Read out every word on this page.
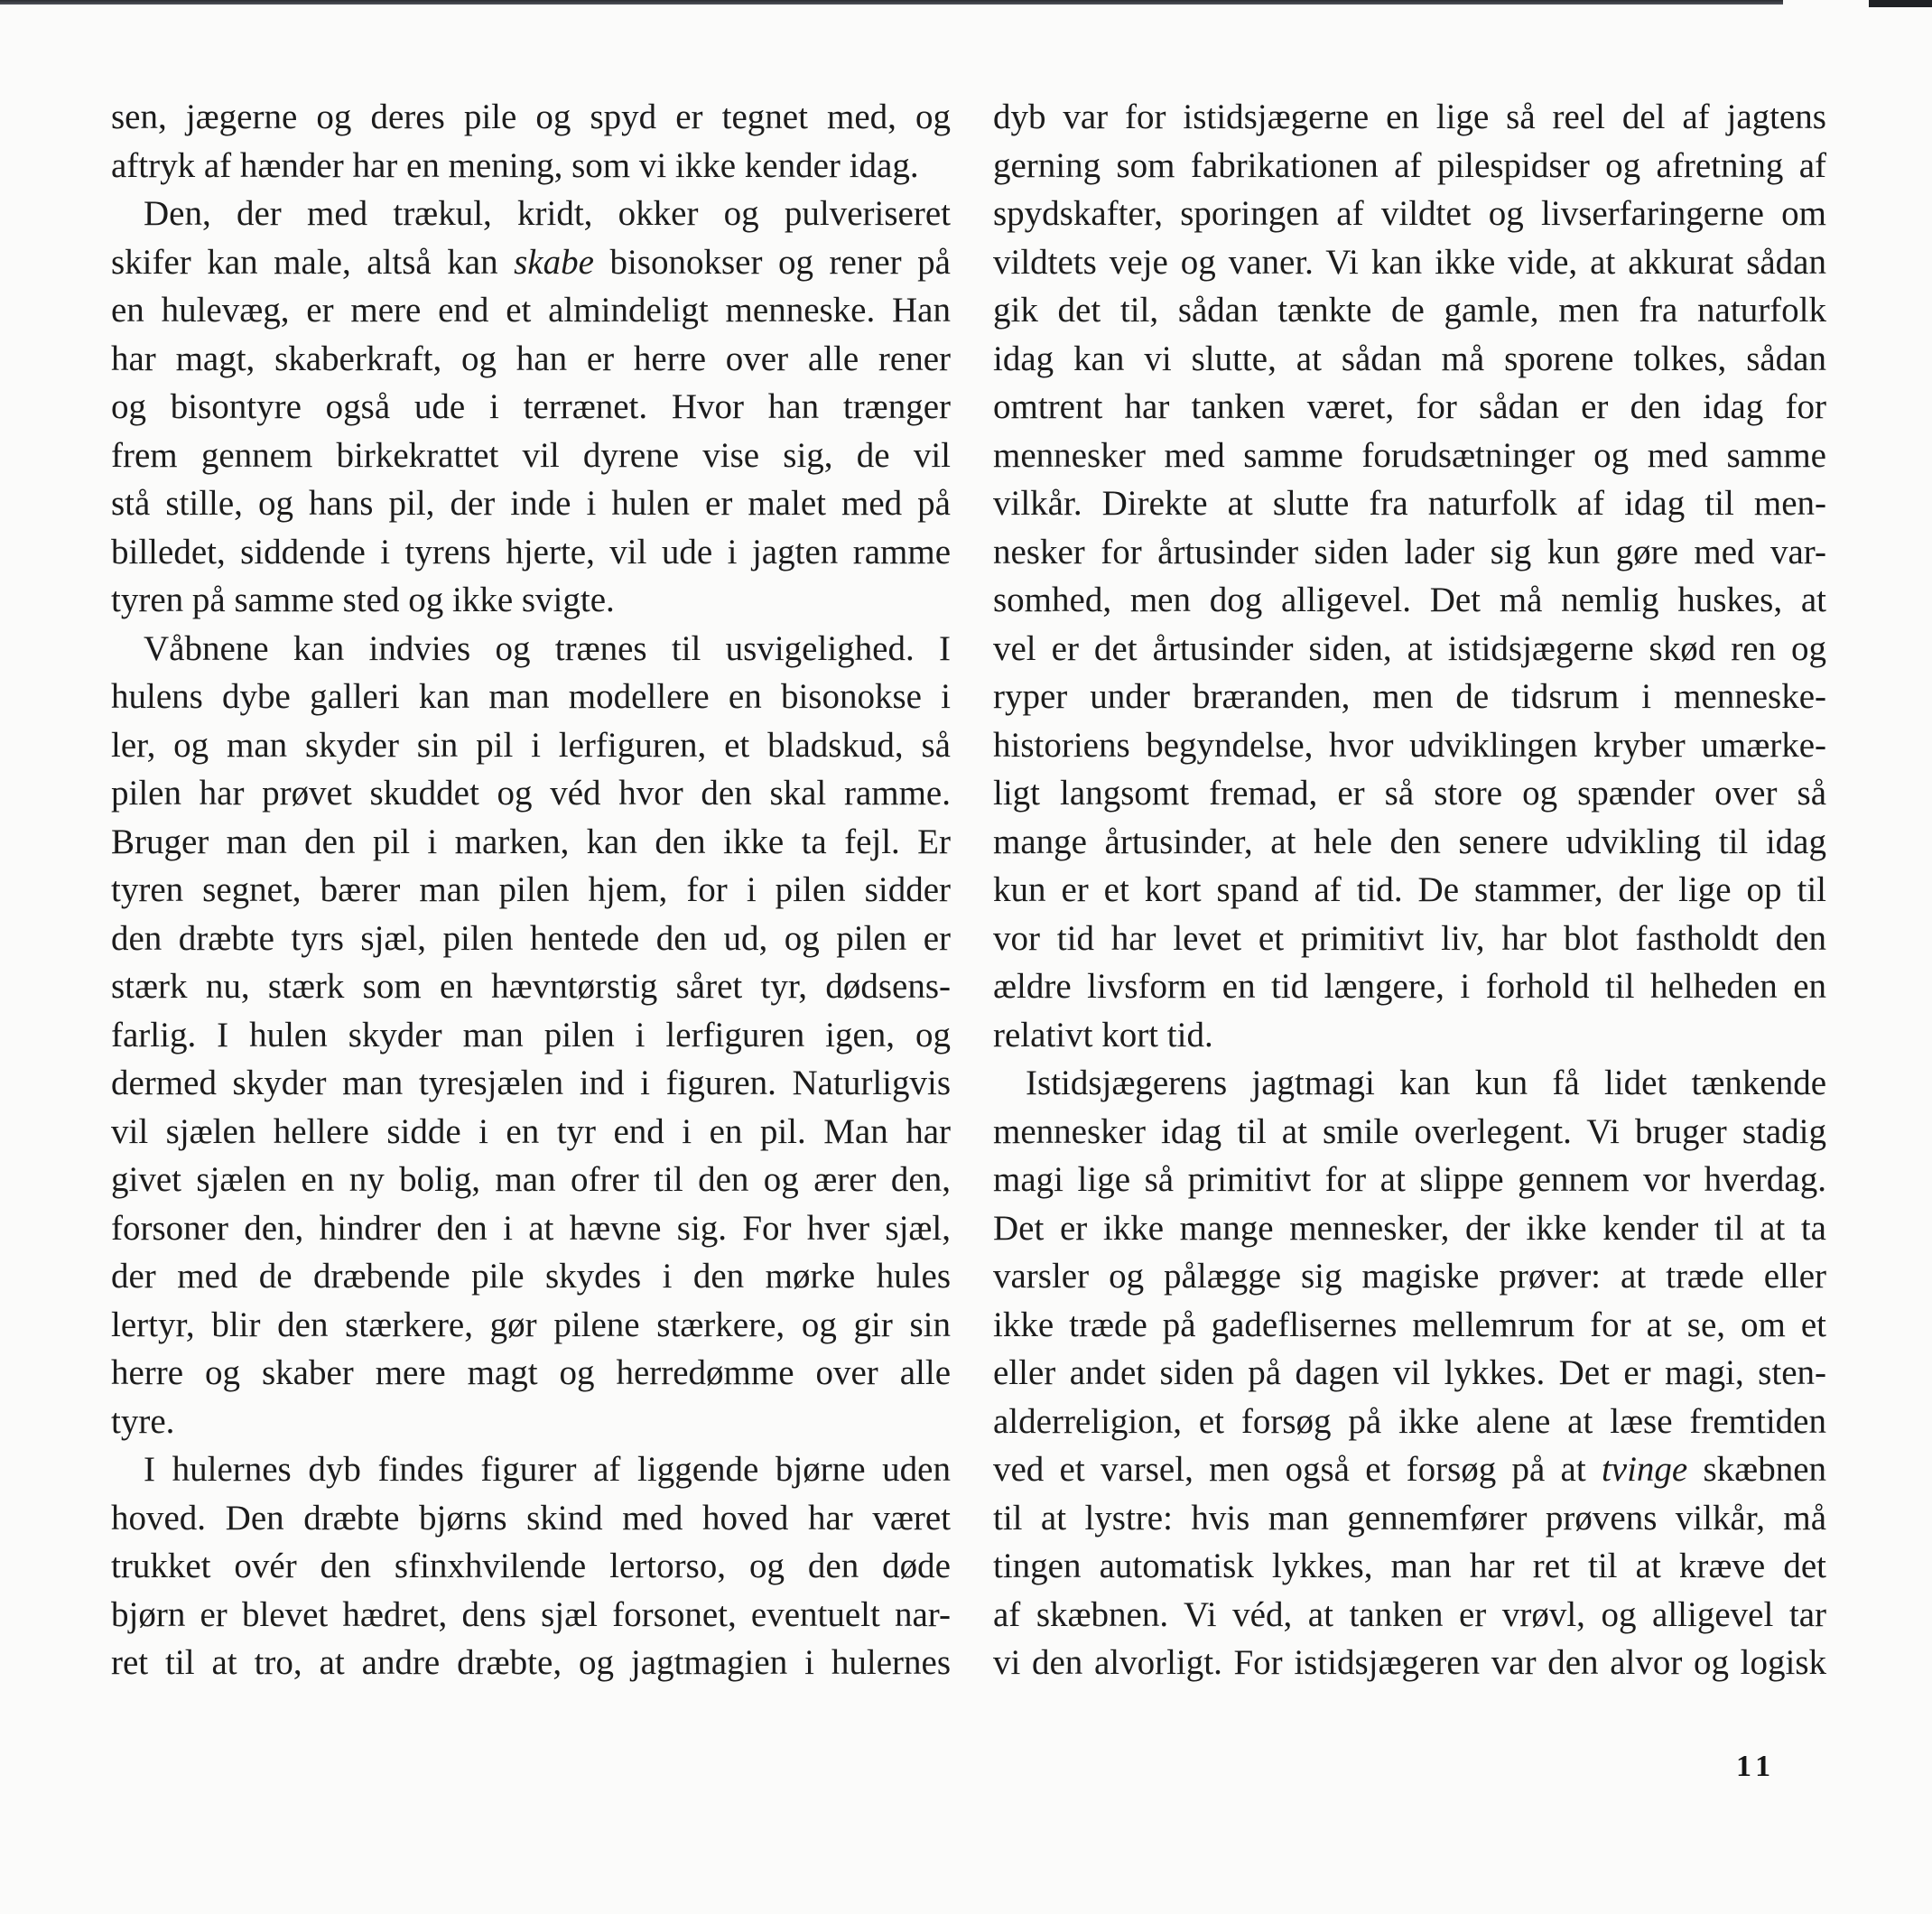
sen, jægerne og deres pile og spyd er tegnet med, og
aftryk af hænder har en mening, som vi ikke kender idag.
Den, der med trækul, kridt, okker og pulveriseret
skifer kan male, altså kan skabe bisonokser og rener på
en hulevæg, er mere end et almindeligt menneske. Han
har magt, skaberkraft, og han er herre over alle rener
og bisontyre også ude i terrænet. Hvor han trænger
frem gennem birkekrattet vil dyrene vise sig, de vil
stå stille, og hans pil, der inde i hulen er malet med på
billedet, siddende i tyrens hjerte, vil ude i jagten ramme
tyren på samme sted og ikke svigte.
Våbnene kan indvies og trænes til usvigelighed. I
hulens dybe galleri kan man modellere en bisonokse i
ler, og man skyder sin pil i lerfiguren, et bladskud, så
pilen har prøvet skuddet og véd hvor den skal ramme.
Bruger man den pil i marken, kan den ikke ta fejl. Er
tyren segnet, bærer man pilen hjem, for i pilen sidder
den dræbte tyrs sjæl, pilen hentede den ud, og pilen er
stærk nu, stærk som en hævntørstig såret tyr, dødsens-
farlig. I hulen skyder man pilen i lerfiguren igen, og
dermed skyder man tyresjælen ind i figuren. Naturligvis
vil sjælen hellere sidde i en tyr end i en pil. Man har
givet sjælen en ny bolig, man ofrer til den og ærer den,
forsoner den, hindrer den i at hævne sig. For hver sjæl,
der med de dræbende pile skydes i den mørke hules
lertyr, blir den stærkere, gør pilene stærkere, og gir sin
herre og skaber mere magt og herredømme over alle
tyre.
I hulernes dyb findes figurer af liggende bjørne uden
hoved. Den dræbte bjørns skind med hoved har været
trukket ovér den sfinxhvilende lertorso, og den døde
bjørn er blevet hædret, dens sjæl forsonet, eventuelt nar-
ret til at tro, at andre dræbte, og jagtmagien i hulernes
dyb var for istidsjægerne en lige så reel del af jagtens
gerning som fabrikationen af pilespidser og afretning af
spydskafter, sporingen af vildtet og livserfaringerne om
vildtets veje og vaner. Vi kan ikke vide, at akkurat sådan
gik det til, sådan tænkte de gamle, men fra naturfolk
idag kan vi slutte, at sådan må sporene tolkes, sådan
omtrent har tanken været, for sådan er den idag for
mennesker med samme forudsætninger og med samme
vilkår. Direkte at slutte fra naturfolk af idag til men-
nesker for årtusinder siden lader sig kun gøre med var-
somhed, men dog alligevel. Det må nemlig huskes, at
vel er det årtusinder siden, at istidsjægerne skød ren og
ryper under bræranden, men de tidsrum i menneske-
historiens begyndelse, hvor udviklingen kryber umærke-
ligt langsomt fremad, er så store og spænder over så
mange årtusinder, at hele den senere udvikling til idag
kun er et kort spand af tid. De stammer, der lige op til
vor tid har levet et primitivt liv, har blot fastholdt den
ældre livsform en tid længere, i forhold til helheden en
relativt kort tid.
Istidsjægerens jagtmagi kan kun få lidet tænkende
mennesker idag til at smile overlegent. Vi bruger stadig
magi lige så primitivt for at slippe gennem vor hverdag.
Det er ikke mange mennesker, der ikke kender til at ta
varsler og pålægge sig magiske prøver: at træde eller
ikke træde på gadeflisernes mellemrum for at se, om et
eller andet siden på dagen vil lykkes. Det er magi, sten-
alderreligion, et forsøg på ikke alene at læse fremtiden
ved et varsel, men også et forsøg på at tvinge skæbnen
til at lystre: hvis man gennemfører prøvens vilkår, må
tingen automatisk lykkes, man har ret til at kræve det
af skæbnen. Vi véd, at tanken er vrøvl, og alligevel tar
vi den alvorligt. For istidsjægeren var den alvor og logisk
11
